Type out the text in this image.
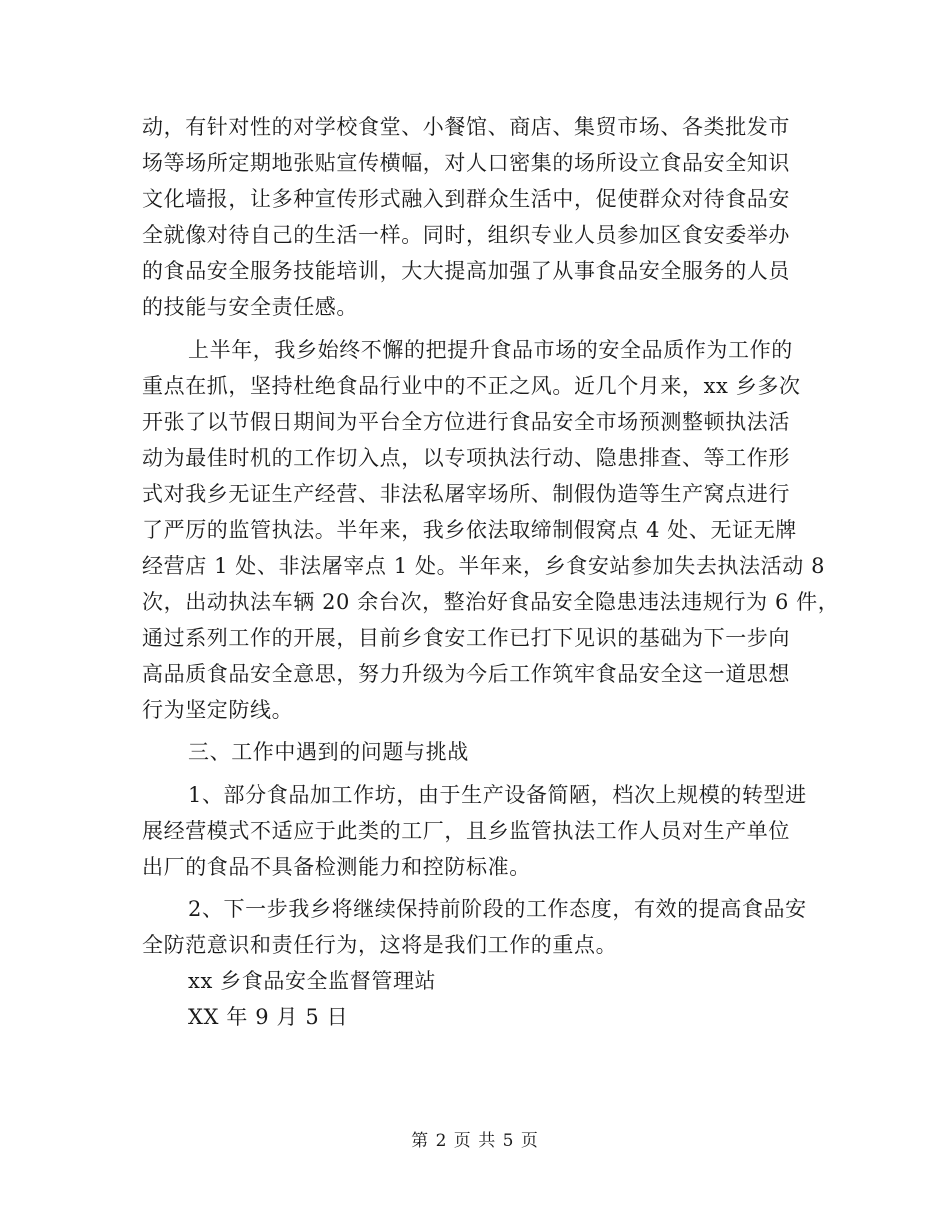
动，有针对性的对学校食堂、小餐馆、商店、集贸市场、各类批发市
场等场所定期地张贴宣传横幅，对人口密集的场所设立食品安全知识
文化墙报，让多种宣传形式融入到群众生活中，促使群众对待食品安
全就像对待自己的生活一样。同时，组织专业人员参加区食安委举办
的食品安全服务技能培训，大大提高加强了从事食品安全服务的人员
的技能与安全责任感。
上半年，我乡始终不懈的把提升食品市场的安全品质作为工作的
重点在抓，坚持杜绝食品行业中的不正之风。近几个月来，xx 乡多次
开张了以节假日期间为平台全方位进行食品安全市场预测整顿执法活
动为最佳时机的工作切入点，以专项执法行动、隐患排查、等工作形
式对我乡无证生产经营、非法私屠宰场所、制假伪造等生产窝点进行
了严厉的监管执法。半年来，我乡依法取缔制假窝点 4 处、无证无牌
经营店 1 处、非法屠宰点 1 处。半年来，乡食安站参加失去执法活动 8
次，出动执法车辆 20 余台次，整治好食品安全隐患违法违规行为 6 件，
通过系列工作的开展，目前乡食安工作已打下见识的基础为下一步向
高品质食品安全意思，努力升级为今后工作筑牢食品安全这一道思想
行为坚定防线。
三、工作中遇到的问题与挑战
1、部分食品加工作坊，由于生产设备简陋，档次上规模的转型进
展经营模式不适应于此类的工厂，且乡监管执法工作人员对生产单位
出厂的食品不具备检测能力和控防标准。
2、下一步我乡将继续保持前阶段的工作态度，有效的提高食品安
全防范意识和责任行为，这将是我们工作的重点。
xx 乡食品安全监督管理站
XX 年 9 月 5 日
第 2 页 共 5 页
